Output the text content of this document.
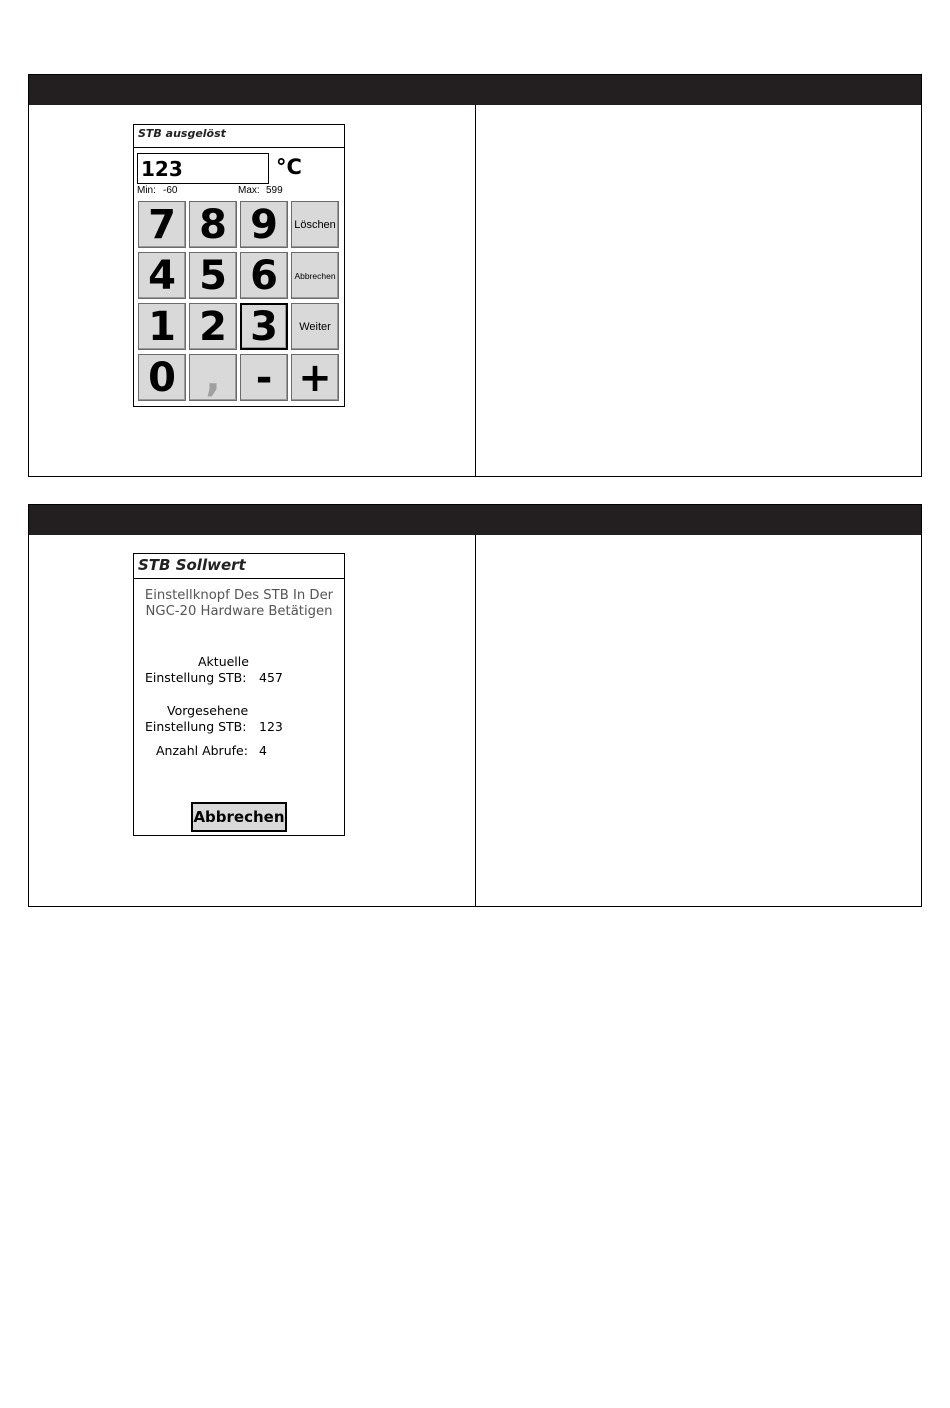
STB ausgelöst
123	°C
Min: -60	Max: 599
7 8 9	Löschen
4 5 6	Abbrechen
1 2 3	Weiter
0 , - +
STB Sollwert
Einstellknopf Des STB In Der
NGC-20 Hardware Betätigen
Aktuelle
Einstellung STB: 457
Vorgesehene
Einstellung STB: 123
Anzahl Abrufe: 4
Abbrechen
